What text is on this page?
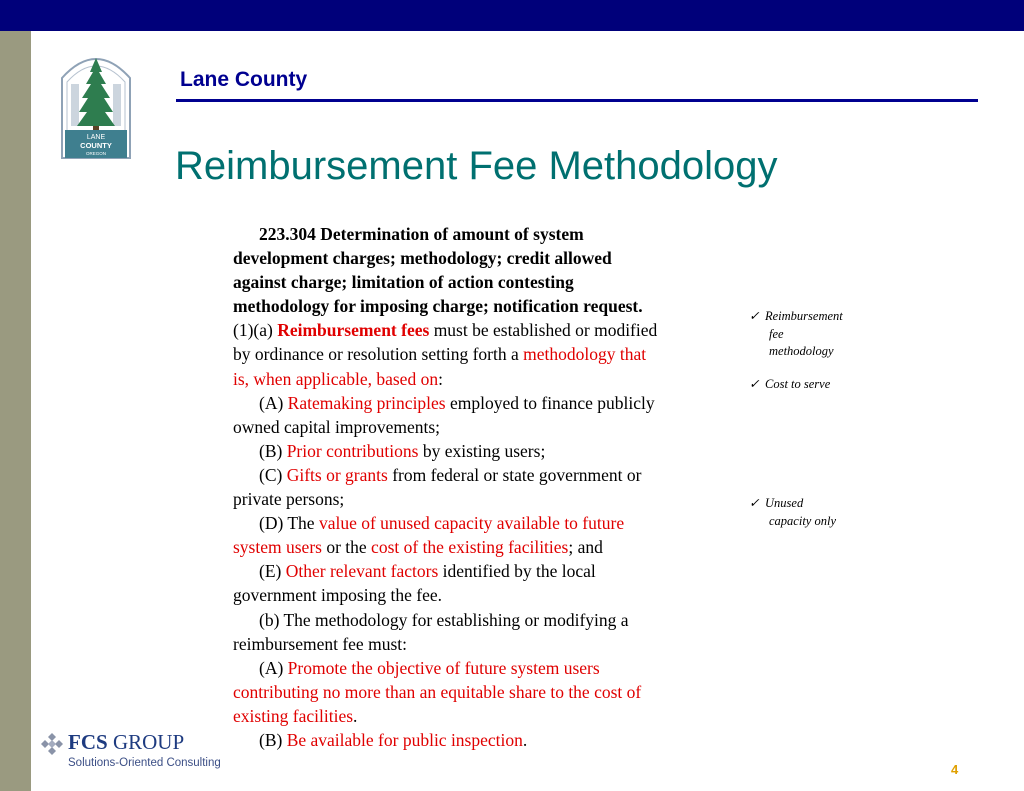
LANE
COUNTY
OREGON
Lane County
Reimbursement Fee Methodology
223.304 Determination of amount of system
development charges; methodology; credit allowed
against charge; limitation of action contesting
methodology for imposing charge; notification request.
(1)(a) Reimbursement fees must be established or modified
by ordinance or resolution setting forth a methodology that
is, when applicable, based on:
(A) Ratemaking principles employed to finance publicly
owned capital improvements;
(B) Prior contributions by existing users;
(C) Gifts or grants from federal or state government or
private persons;
(D) The value of unused capacity available to future
system users or the cost of the existing facilities; and
(E) Other relevant factors identified by the local
government imposing the fee.
(b) The methodology for establishing or modifying a
reimbursement fee must:
(A) Promote the objective of future system users
contributing no more than an equitable share to the cost of
existing facilities.
(B) Be available for public inspection.
✓ Reimbursement
fee
methodology
✓ Cost to serve
✓ Unused
capacity only
FCS GROUP
Solutions-Oriented Consulting	4
